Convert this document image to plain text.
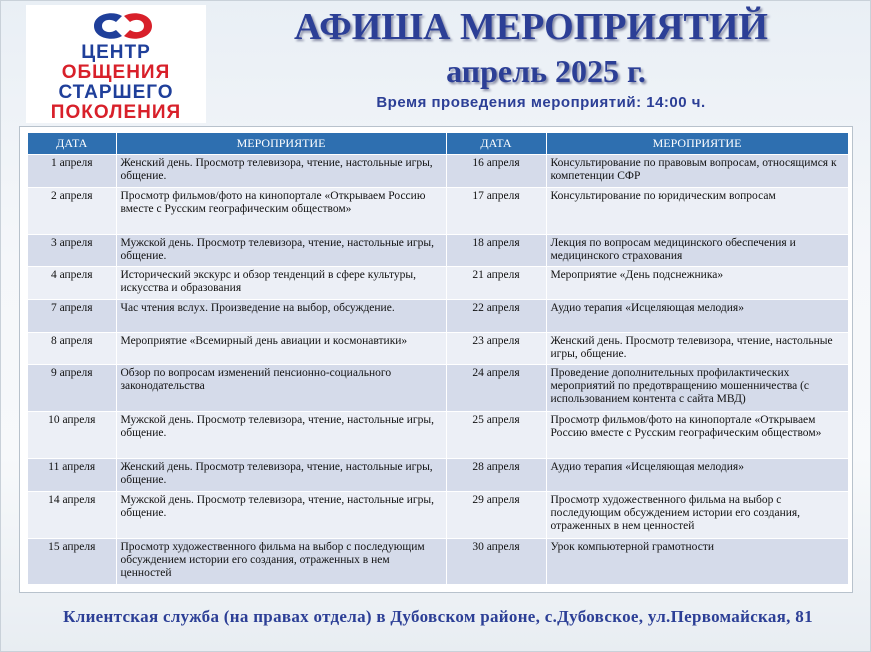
ЦЕНТР
ОБЩЕНИЯ
СТАРШЕГО
ПОКОЛЕНИЯ
АФИША МЕРОПРИЯТИЙ
апрель 2025 г.
Время проведения мероприятий: 14:00 ч.
ДАТА	МЕРОПРИЯТИЕ	ДАТА	МЕРОПРИЯТИЕ
1 апреля	Женский день. Просмотр телевизора, чтение, настольные игры, общение.	16 апреля	Консультирование по правовым вопросам, относящимся к компетенции СФР
2 апреля	Просмотр фильмов/фото на кинопортале «Открываем Россию вместе с Русским географическим обществом»	17 апреля	Консультирование по юридическим вопросам
3 апреля	Мужской день. Просмотр телевизора, чтение, настольные игры, общение.	18 апреля	Лекция по вопросам медицинского обеспечения и медицинского страхования
4 апреля	Исторический экскурс и обзор тенденций в сфере культуры, искусства и образования	21 апреля	Мероприятие «День подснежника»
7 апреля	Час чтения вслух. Произведение на выбор, обсуждение.	22 апреля	Аудио терапия «Исцеляющая мелодия»
8 апреля	Мероприятие «Всемирный день авиации и космонавтики»	23 апреля	Женский день. Просмотр телевизора, чтение, настольные игры, общение.
9 апреля	Обзор по вопросам изменений пенсионно-социального законодательства	24 апреля	Проведение дополнительных профилактических мероприятий по предотвращению мошенничества (с использованием контента с сайта МВД)
10 апреля	Мужской день. Просмотр телевизора, чтение, настольные игры, общение.	25 апреля	Просмотр фильмов/фото на кинопортале «Открываем Россию вместе с Русским географическим обществом»
11 апреля	Женский день. Просмотр телевизора, чтение, настольные игры, общение.	28 апреля	Аудио терапия «Исцеляющая мелодия»
14 апреля	Мужской день. Просмотр телевизора, чтение, настольные игры, общение.	29 апреля	Просмотр художественного фильма на выбор с последующим обсуждением истории его создания, отраженных в нем ценностей
15 апреля	Просмотр художественного фильма на выбор с последующим обсуждением истории его создания, отраженных в нем ценностей	30 апреля	Урок компьютерной грамотности
Клиентская служба (на правах отдела) в Дубовском районе, с.Дубовское, ул.Первомайская, 81
